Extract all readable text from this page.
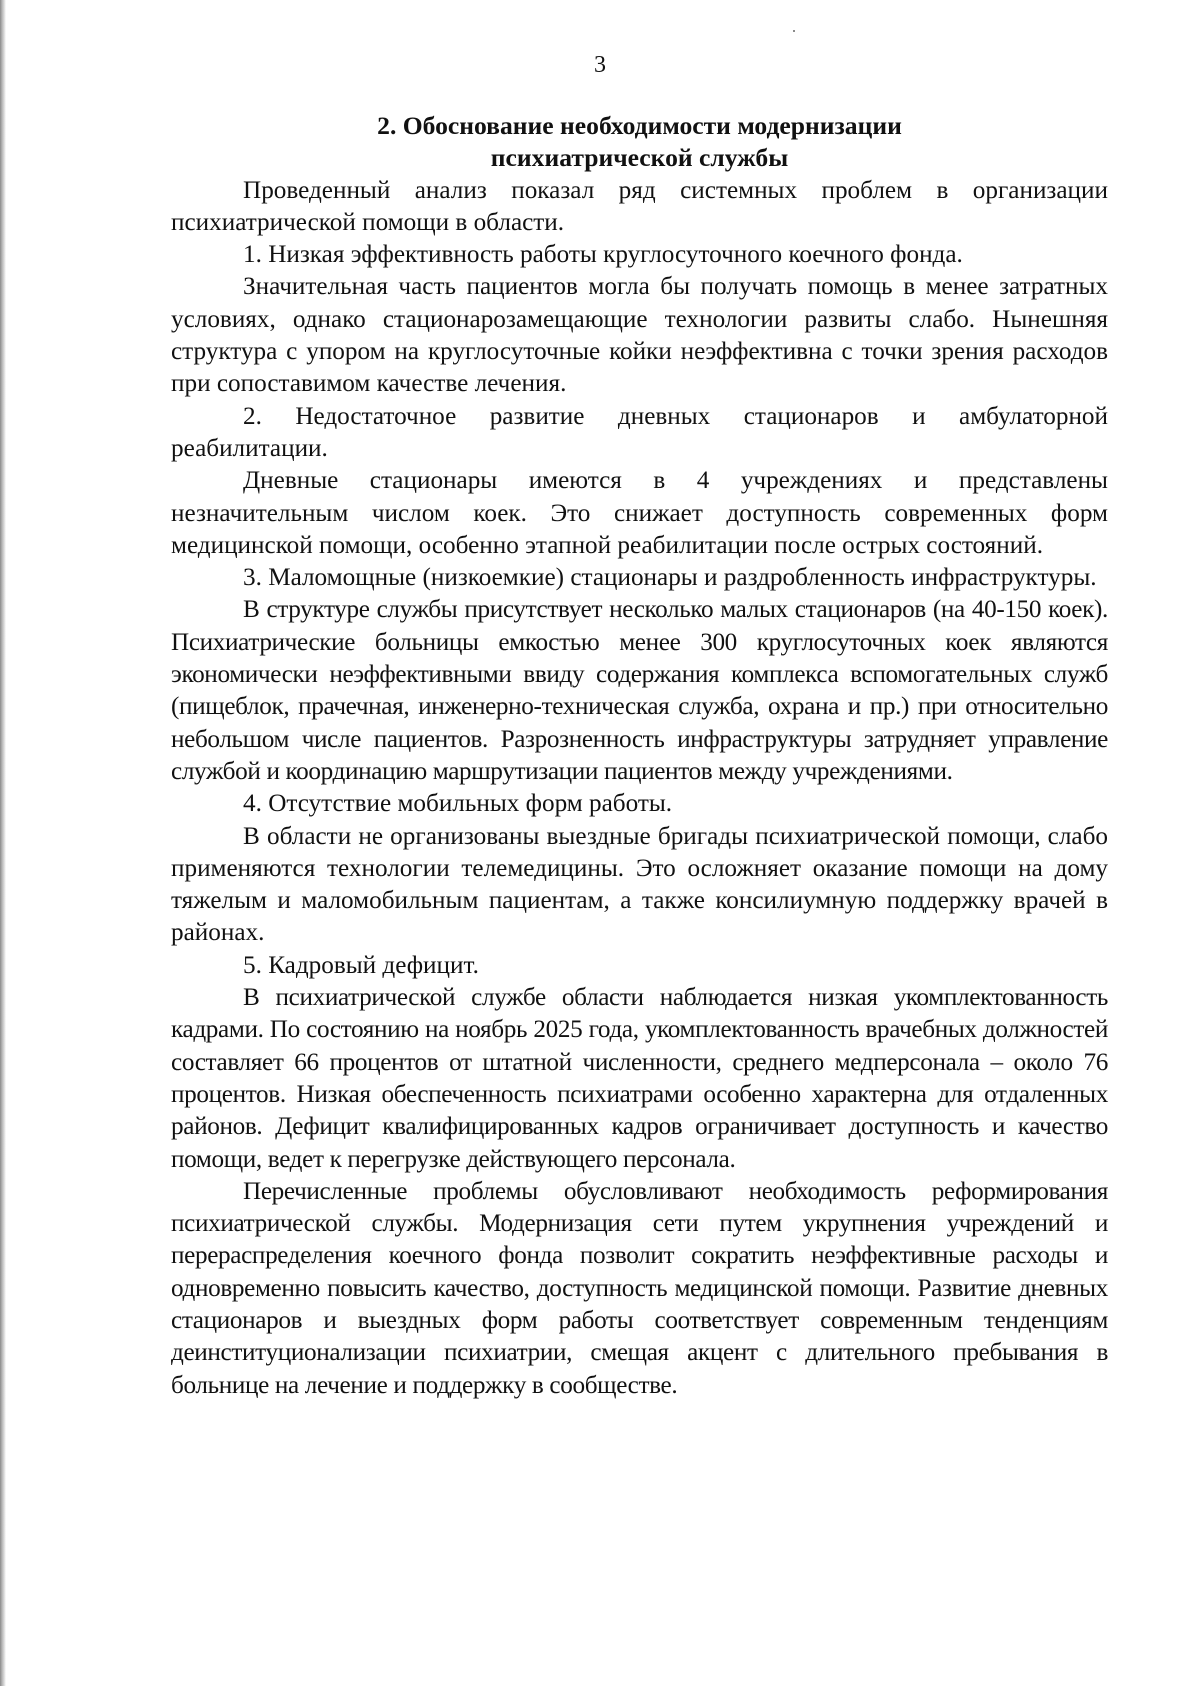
3
2. Обоснование необходимости модернизации
психиатрической службы

Проведенный анализ показал ряд системных проблем в организации психиатрической помощи в области.

1. Низкая эффективность работы круглосуточного коечного фонда.

Значительная часть пациентов могла бы получать помощь в менее затратных условиях, однако стационарозамещающие технологии развиты слабо. Нынешняя структура с упором на круглосуточные койки неэффективна с точки зрения расходов при сопоставимом качестве лечения.

2. Недостаточное развитие дневных стационаров и амбулаторной реабилитации.

Дневные стационары имеются в 4 учреждениях и представлены незначительным числом коек. Это снижает доступность современных форм медицинской помощи, особенно этапной реабилитации после острых состояний.

3. Маломощные (низкоемкие) стационары и раздробленность инфраструктуры.

В структуре службы присутствует несколько малых стационаров (на 40-150 коек). Психиатрические больницы емкостью менее 300 круглосуточных коек являются экономически неэффективными ввиду содержания комплекса вспомогательных служб (пищеблок, прачечная, инженерно-техническая служба, охрана и пр.) при относительно небольшом числе пациентов. Разрозненность инфраструктуры затрудняет управление службой и координацию маршрутизации пациентов между учреждениями.

4. Отсутствие мобильных форм работы.

В области не организованы выездные бригады психиатрической помощи, слабо применяются технологии телемедицины. Это осложняет оказание помощи на дому тяжелым и маломобильным пациентам, а также консилиумную поддержку врачей в районах.

5. Кадровый дефицит.

В психиатрической службе области наблюдается низкая укомплектованность кадрами. По состоянию на ноябрь 2025 года, укомплектованность врачебных должностей составляет 66 процентов от штатной численности, среднего медперсонала – около 76 процентов. Низкая обеспеченность психиатрами особенно характерна для отдаленных районов. Дефицит квалифицированных кадров ограничивает доступность и качество помощи, ведет к перегрузке действующего персонала.

Перечисленные проблемы обусловливают необходимость реформирования психиатрической службы. Модернизация сети путем укрупнения учреждений и перераспределения коечного фонда позволит сократить неэффективные расходы и одновременно повысить качество, доступность медицинской помощи. Развитие дневных стационаров и выездных форм работы соответствует современным тенденциям деинституционализации психиатрии, смещая акцент с длительного пребывания в больнице на лечение и поддержку в сообществе.
